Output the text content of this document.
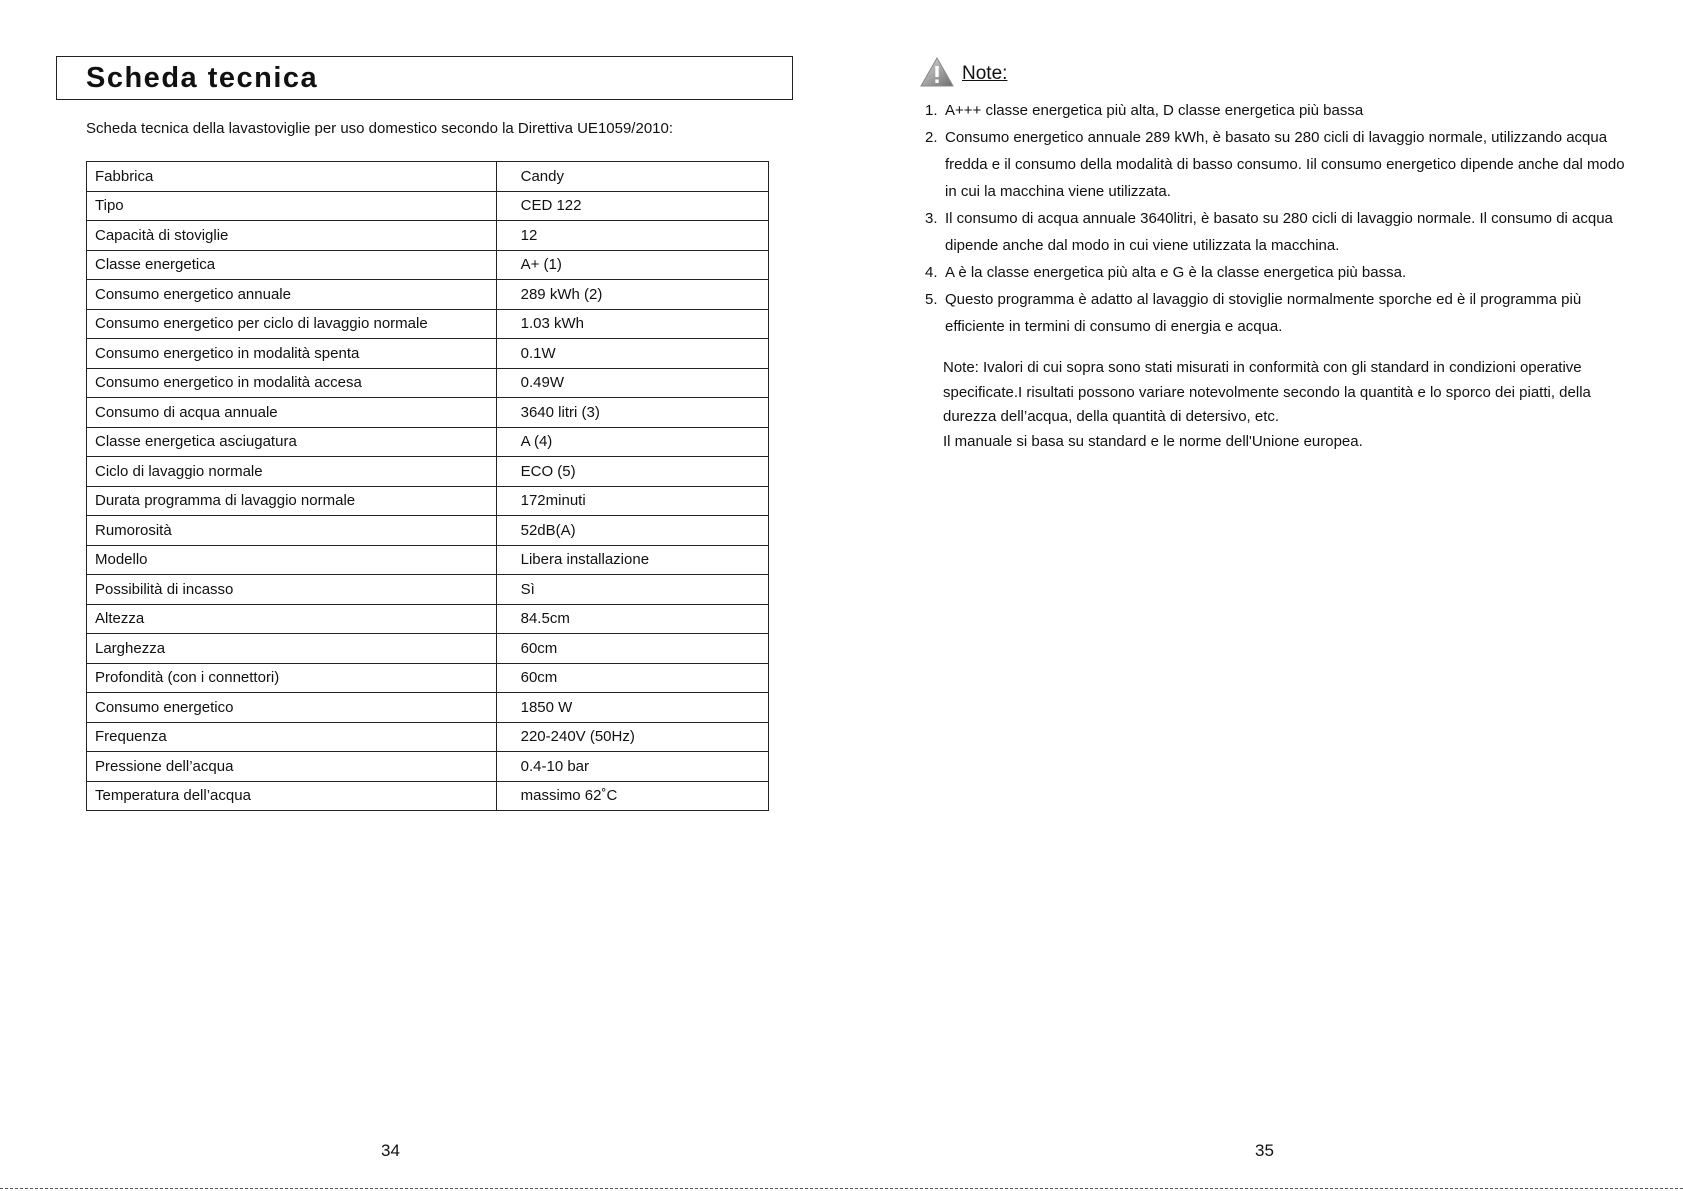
Scheda tecnica
Scheda tecnica della lavastoviglie per uso domestico secondo la Direttiva UE1059/2010:
Fabbrica	Candy
Tipo	CED 122
Capacità di stoviglie	12
Classe energetica	A+ (1)
Consumo energetico annuale	289 kWh (2)
Consumo energetico per ciclo di lavaggio normale	1.03 kWh
Consumo energetico in modalità spenta	0.1W
Consumo energetico in modalità accesa	0.49W
Consumo di acqua annuale	3640 litri (3)
Classe energetica asciugatura	A (4)
Ciclo di lavaggio normale	ECO (5)
Durata programma di lavaggio normale	172minuti
Rumorosità	52dB(A)
Modello	Libera installazione
Possibilità di incasso	Sì
Altezza	84.5cm
Larghezza	60cm
Profondità (con i connettori)	60cm
Consumo energetico	1850 W
Frequenza	220-240V (50Hz)
Pressione dell’acqua	0.4-10 bar
Temperatura dell’acqua	massimo 62˚C
34
Note:
1. A+++ classe energetica più alta, D classe energetica più bassa
2. Consumo energetico annuale 289 kWh, è basato su 280 cicli di lavaggio normale, utilizzando acqua fredda e il consumo della modalità di basso consumo. Iil consumo energetico dipende anche dal modo in cui la macchina viene utilizzata.
3. Il consumo di acqua annuale 3640litri, è basato su 280 cicli di lavaggio normale. Il consumo di acqua dipende anche dal modo in cui viene utilizzata la macchina.
4. A è la classe energetica più alta e G è la classe energetica più bassa.
5. Questo programma è adatto al lavaggio di stoviglie normalmente sporche ed è il programma più efficiente in termini di consumo di energia e acqua.

Note: Ivalori di cui sopra sono stati misurati in conformità con gli standard in condizioni operative specificate.I risultati possono variare notevolmente secondo la quantità e lo sporco dei piatti, della durezza dell’acqua, della quantità di detersivo, etc.

Il manuale si basa su standard e le norme dell'Unione europea.

35
